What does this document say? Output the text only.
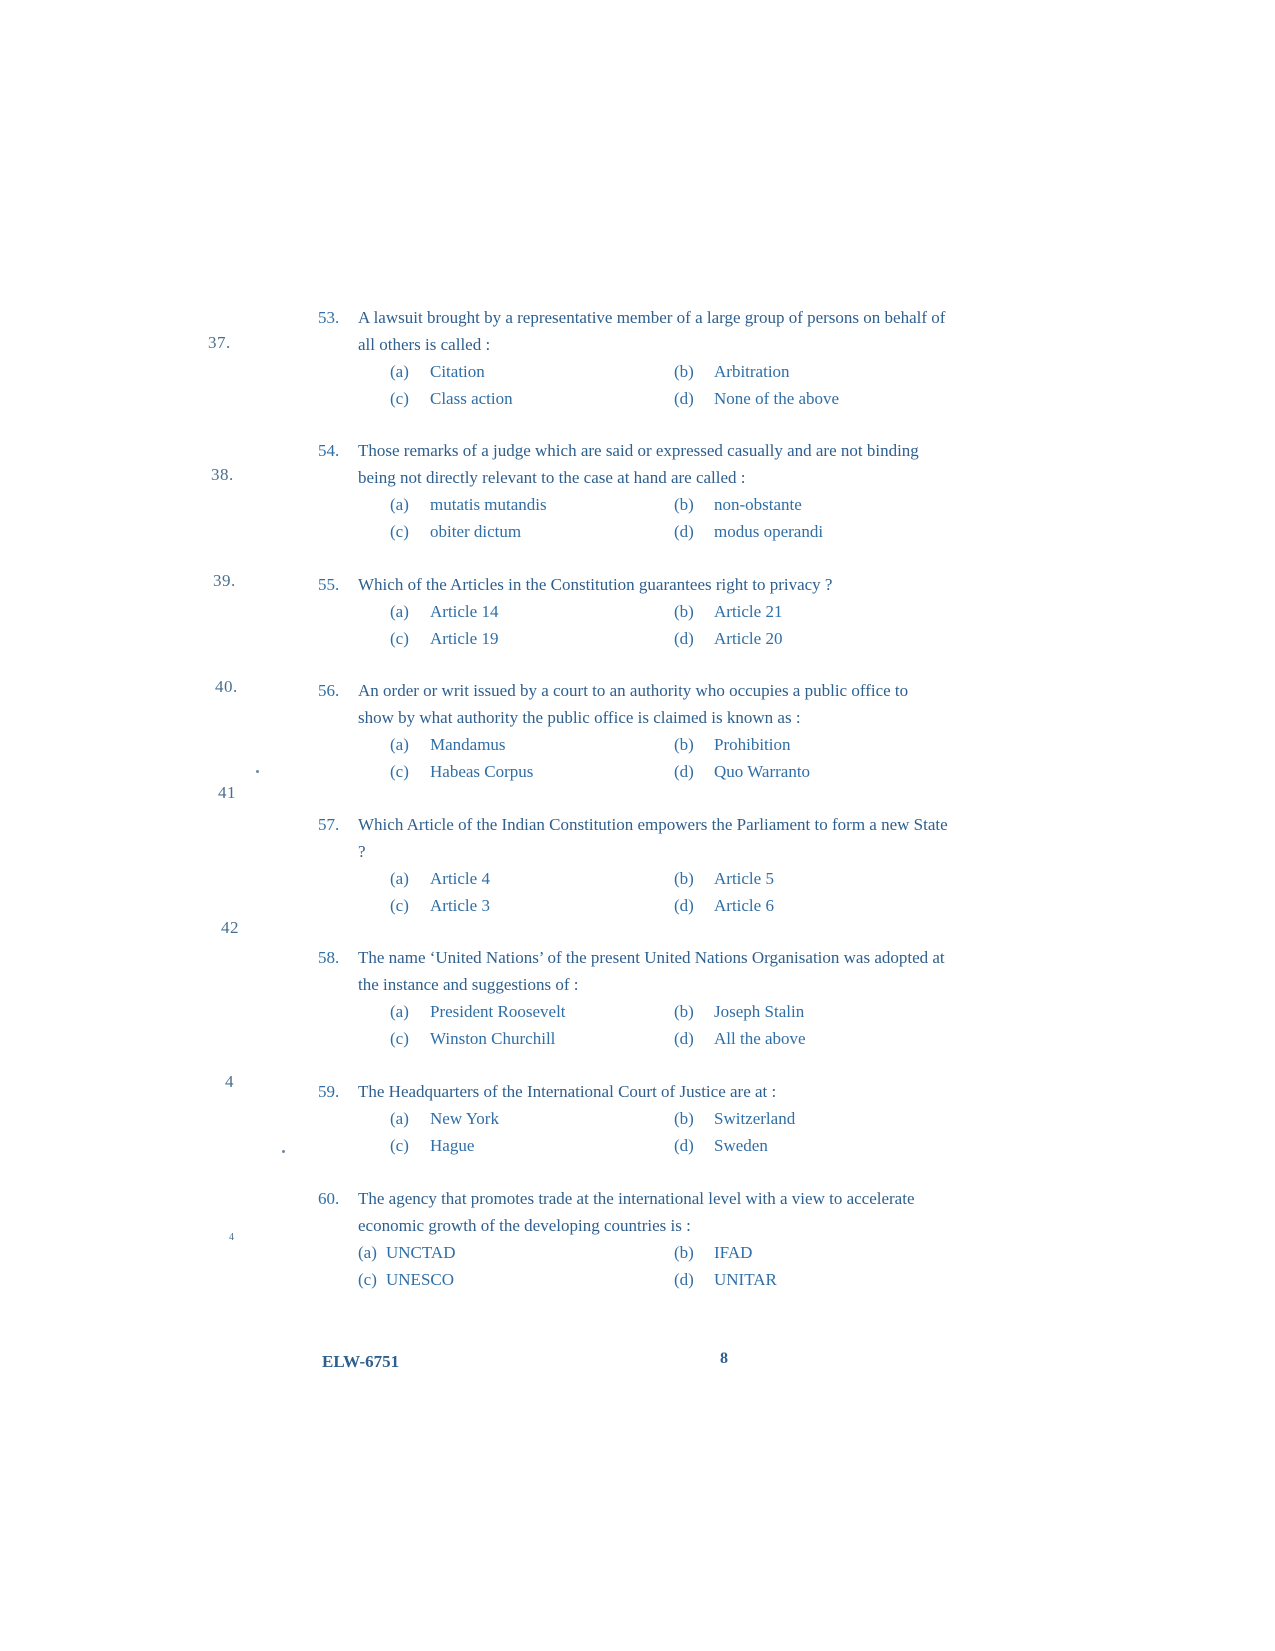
37.
38.
39.
40.
41
42
4
4
53.	A lawsuit brought by a representative member of a large group of persons on behalf of all others is called :
(a) Citation	(b) Arbitration
(c) Class action	(d) None of the above
54.	Those remarks of a judge which are said or expressed casually and are not binding being not directly relevant to the case at hand are called :
(a) mutatis mutandis	(b) non-obstante
(c) obiter dictum	(d) modus operandi
55.	Which of the Articles in the Constitution guarantees right to privacy ?
(a) Article 14	(b) Article 21
(c) Article 19	(d) Article 20
56.	An order or writ issued by a court to an authority who occupies a public office to show by what authority the public office is claimed is known as :
(a) Mandamus	(b) Prohibition
(c) Habeas Corpus	(d) Quo Warranto
57.	Which Article of the Indian Constitution empowers the Parliament to form a new State ?
(a) Article 4	(b) Article 5
(c) Article 3	(d) Article 6
58.	The name ‘United Nations’ of the present United Nations Organisation was adopted at the instance and suggestions of :
(a) President Roosevelt	(b) Joseph Stalin
(c) Winston Churchill	(d) All the above
59.	The Headquarters of the International Court of Justice are at :
(a) New York	(b) Switzerland
(c) Hague	(d) Sweden
60.	The agency that promotes trade at the international level with a view to accelerate economic growth of the developing countries is :
(a) UNCTAD	(b) IFAD
(c) UNESCO	(d) UNITAR
ELW-6751	8
